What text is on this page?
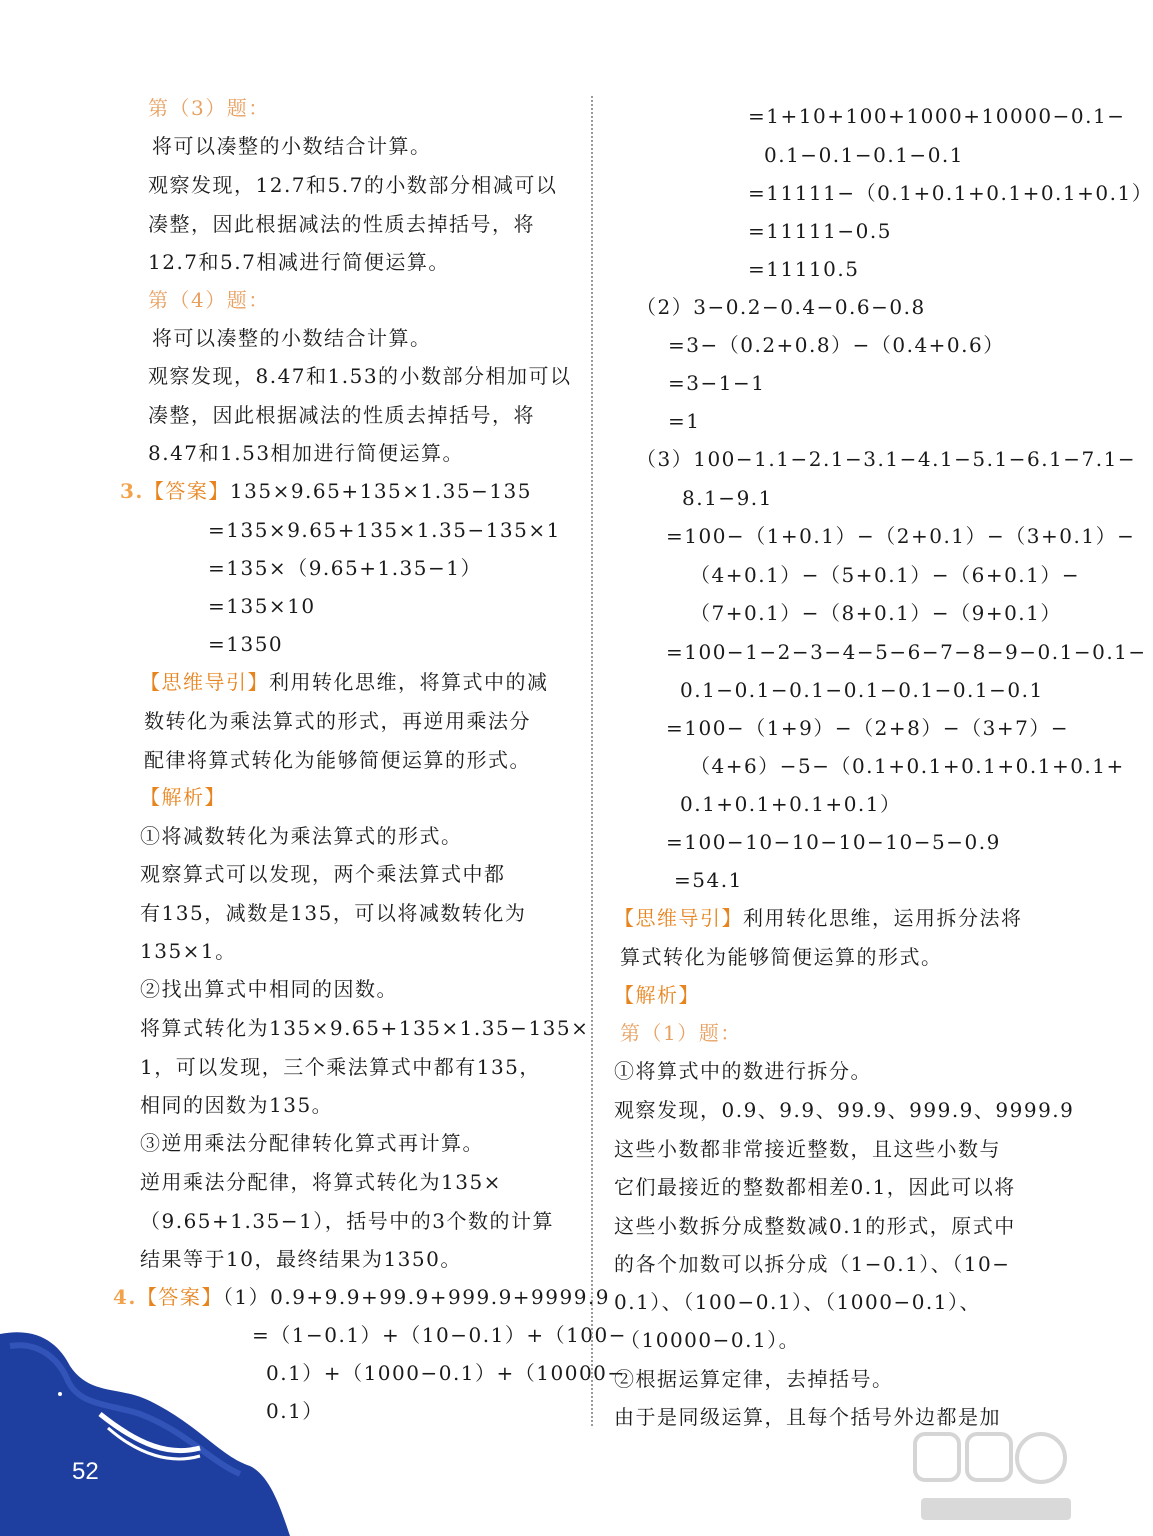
第（3）题：
将可以凑整的小数结合计算。
观察发现，12.7和5.7的小数部分相减可以
凑整，因此根据减法的性质去掉括号，将
12.7和5.7相减进行简便运算。
第（4）题：
将可以凑整的小数结合计算。
观察发现，8.47和1.53的小数部分相加可以
凑整，因此根据减法的性质去掉括号，将
8.47和1.53相加进行简便运算。
3.【答案】135×9.65+135×1.35−135
=135×9.65+135×1.35−135×1
=135×（9.65+1.35−1）
=135×10
=1350
【思维导引】利用转化思维，将算式中的减
数转化为乘法算式的形式，再逆用乘法分
配律将算式转化为能够简便运算的形式。
【解析】
①将减数转化为乘法算式的形式。
观察算式可以发现，两个乘法算式中都
有135，减数是135，可以将减数转化为
135×1。
②找出算式中相同的因数。
将算式转化为135×9.65+135×1.35−135×
1，可以发现，三个乘法算式中都有135，
相同的因数为135。
③逆用乘法分配律转化算式再计算。
逆用乘法分配律，将算式转化为135×
（9.65+1.35−1），括号中的3个数的计算
结果等于10，最终结果为1350。
4.【答案】（1）0.9+9.9+99.9+999.9+9999.9
=（1−0.1）+（10−0.1）+（100−
0.1）+（1000−0.1）+（10000−
0.1）
=1+10+100+1000+10000−0.1−
0.1−0.1−0.1−0.1
=11111−（0.1+0.1+0.1+0.1+0.1）
=11111−0.5
=11110.5
（2）3−0.2−0.4−0.6−0.8
=3−（0.2+0.8）−（0.4+0.6）
=3−1−1
=1
（3）100−1.1−2.1−3.1−4.1−5.1−6.1−7.1−
8.1−9.1
=100−（1+0.1）−（2+0.1）−（3+0.1）−
（4+0.1）−（5+0.1）−（6+0.1）−
（7+0.1）−（8+0.1）−（9+0.1）
=100−1−2−3−4−5−6−7−8−9−0.1−0.1−
0.1−0.1−0.1−0.1−0.1−0.1−0.1
=100−（1+9）−（2+8）−（3+7）−
（4+6）−5−（0.1+0.1+0.1+0.1+0.1+
0.1+0.1+0.1+0.1）
=100−10−10−10−10−5−0.9
=54.1
【思维导引】利用转化思维，运用拆分法将
算式转化为能够简便运算的形式。
【解析】
第（1）题：
①将算式中的数进行拆分。
观察发现，0.9、9.9、99.9、999.9、9999.9
这些小数都非常接近整数，且这些小数与
它们最接近的整数都相差0.1，因此可以将
这些小数拆分成整数减0.1的形式，原式中
的各个加数可以拆分成（1−0.1）、（10−
0.1）、（100−0.1）、（1000−0.1）、
（10000−0.1）。
②根据运算定律，去掉括号。
由于是同级运算，且每个括号外边都是加
52
